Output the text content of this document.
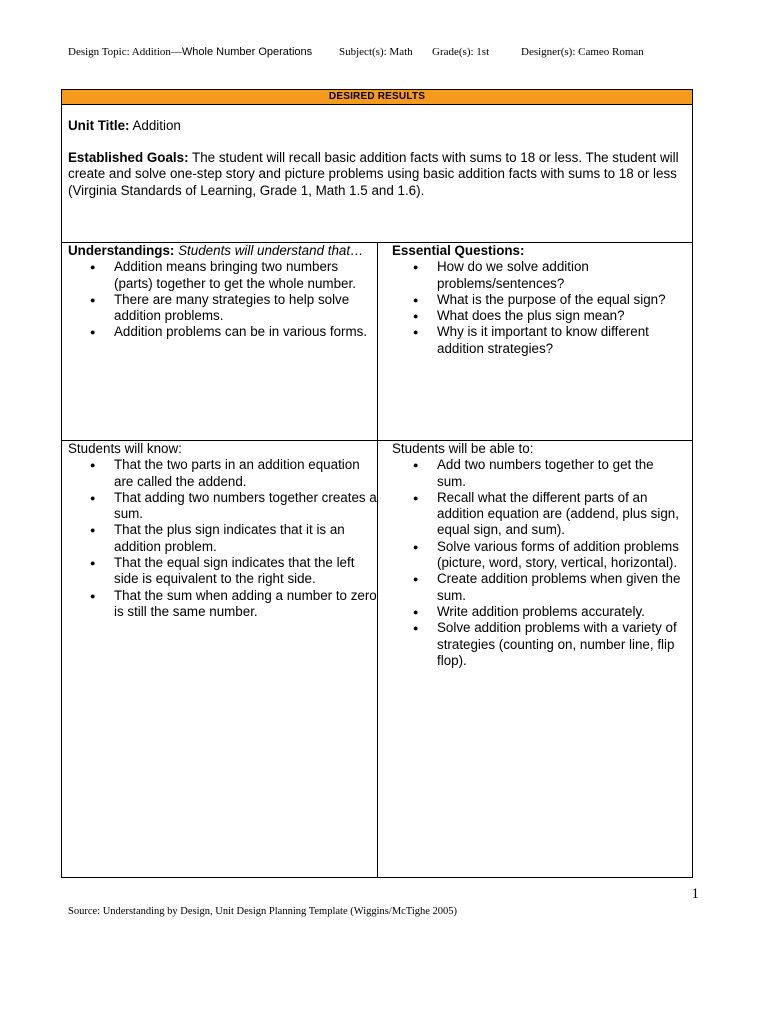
Design Topic: Addition—Whole Number Operations Subject(s): Math Grade(s): 1st	Designer(s): Cameo Roman
DESIRED RESULTS
Unit Title: Addition
Established Goals: The student will recall basic addition facts with sums to 18 or less. The student will create and solve one-step story and picture problems using basic addition facts with sums to 18 or less (Virginia Standards of Learning, Grade 1, Math 1.5 and 1.6).
Understandings: Students will understand that…
● Addition means bringing two numbers (parts) together to get the whole number.
● There are many strategies to help solve addition problems.
● Addition problems can be in various forms.
Essential Questions:
● How do we solve addition problems/sentences?
● What is the purpose of the equal sign?
● What does the plus sign mean?
● Why is it important to know different addition strategies?
Students will know:
● That the two parts in an addition equation are called the addend.
● That adding two numbers together creates a sum.
● That the plus sign indicates that it is an addition problem.
● That the equal sign indicates that the left side is equivalent to the right side.
● That the sum when adding a number to zero is still the same number.
Students will be able to:
● Add two numbers together to get the sum.
● Recall what the different parts of an addition equation are (addend, plus sign, equal sign, and sum).
● Solve various forms of addition problems (picture, word, story, vertical, horizontal).
● Create addition problems when given the sum.
● Write addition problems accurately.
● Solve addition problems with a variety of strategies (counting on, number line, flip flop).
1
Source: Understanding by Design, Unit Design Planning Template (Wiggins/McTighe 2005)
